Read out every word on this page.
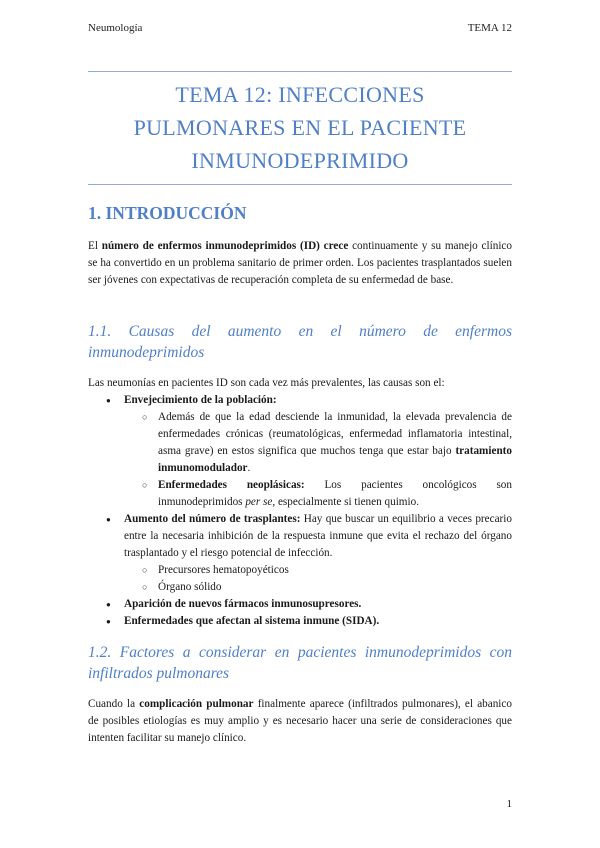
Neumología	TEMA 12
TEMA 12: INFECCIONES
PULMONARES EN EL PACIENTE
INMUNODEPRIMIDO
1. INTRODUCCIÓN
El número de enfermos inmunodeprimidos (ID) crece continuamente y su manejo clínico se ha convertido en un problema sanitario de primer orden. Los pacientes trasplantados suelen ser jóvenes con expectativas de recuperación completa de su enfermedad de base.
1.1. Causas del aumento en el número de enfermos
inmunodeprimidos
Las neumonías en pacientes ID son cada vez más prevalentes, las causas son el:
● Envejecimiento de la población:
○ Además de que la edad desciende la inmunidad, la elevada prevalencia de enfermedades crónicas (reumatológicas, enfermedad inflamatoria intestinal, asma grave) en estos significa que muchos tenga que estar bajo tratamiento inmunomodulador.
○ Enfermedades neoplásicas: Los pacientes oncológicos son inmunodeprimidos per se, especialmente si tienen quimio.
● Aumento del número de trasplantes: Hay que buscar un equilibrio a veces precario entre la necesaria inhibición de la respuesta inmune que evita el rechazo del órgano trasplantado y el riesgo potencial de infección.
○ Precursores hematopoyéticos
○ Órgano sólido
● Aparición de nuevos fármacos inmunosupresores.
● Enfermedades que afectan al sistema inmune (SIDA).
1.2. Factores a considerar en pacientes inmunodeprimidos con
infiltrados pulmonares
Cuando la complicación pulmonar finalmente aparece (infiltrados pulmonares), el abanico de posibles etiologías es muy amplio y es necesario hacer una serie de consideraciones que intenten facilitar su manejo clínico.
1
